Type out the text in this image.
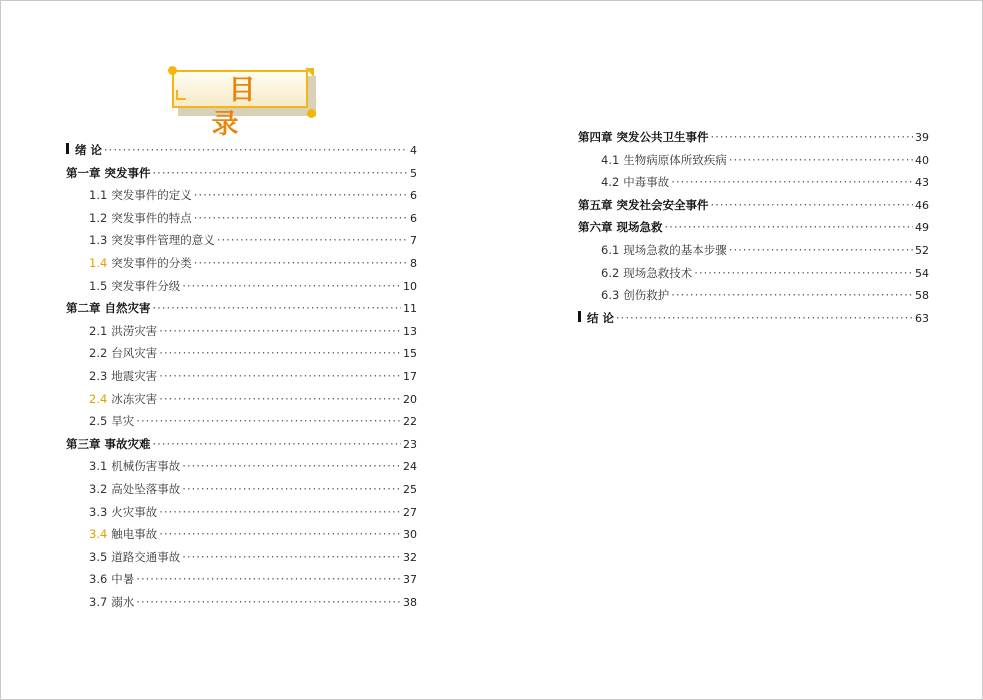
目 录
绪 论 ·····	4
第一章 突发事件 ·····	5
1.1 突发事件的定义 ·····	6
1.2 突发事件的特点 ·····	6
1.3 突发事件管理的意义 ·····	7
1.4 突发事件的分类 ·····	8
1.5 突发事件分级 ·····	10
第二章 自然灾害 ·····	11
2.1 洪涝灾害 ·····	13
2.2 台风灾害 ·····	15
2.3 地震灾害 ·····	17
2.4 冰冻灾害 ·····	20
2.5 旱灾 ·····	22
第三章 事故灾难 ·····	23
3.1 机械伤害事故 ·····	24
3.2 高处坠落事故 ·····	25
3.3 火灾事故 ·····	27
3.4 触电事故 ·····	30
3.5 道路交通事故 ·····	32
3.6 中暑 ·····	37
3.7 溺水 ·····	38
第四章 突发公共卫生事件 ·····	39
4.1 生物病原体所致疾病 ·····	40
4.2 中毒事故 ·····	43
第五章 突发社会安全事件 ·····	46
第六章 现场急救 ·····	49
6.1 现场急救的基本步骤 ·····	52
6.2 现场急救技术 ·····	54
6.3 创伤救护 ·····	58
结 论 ·····	63
